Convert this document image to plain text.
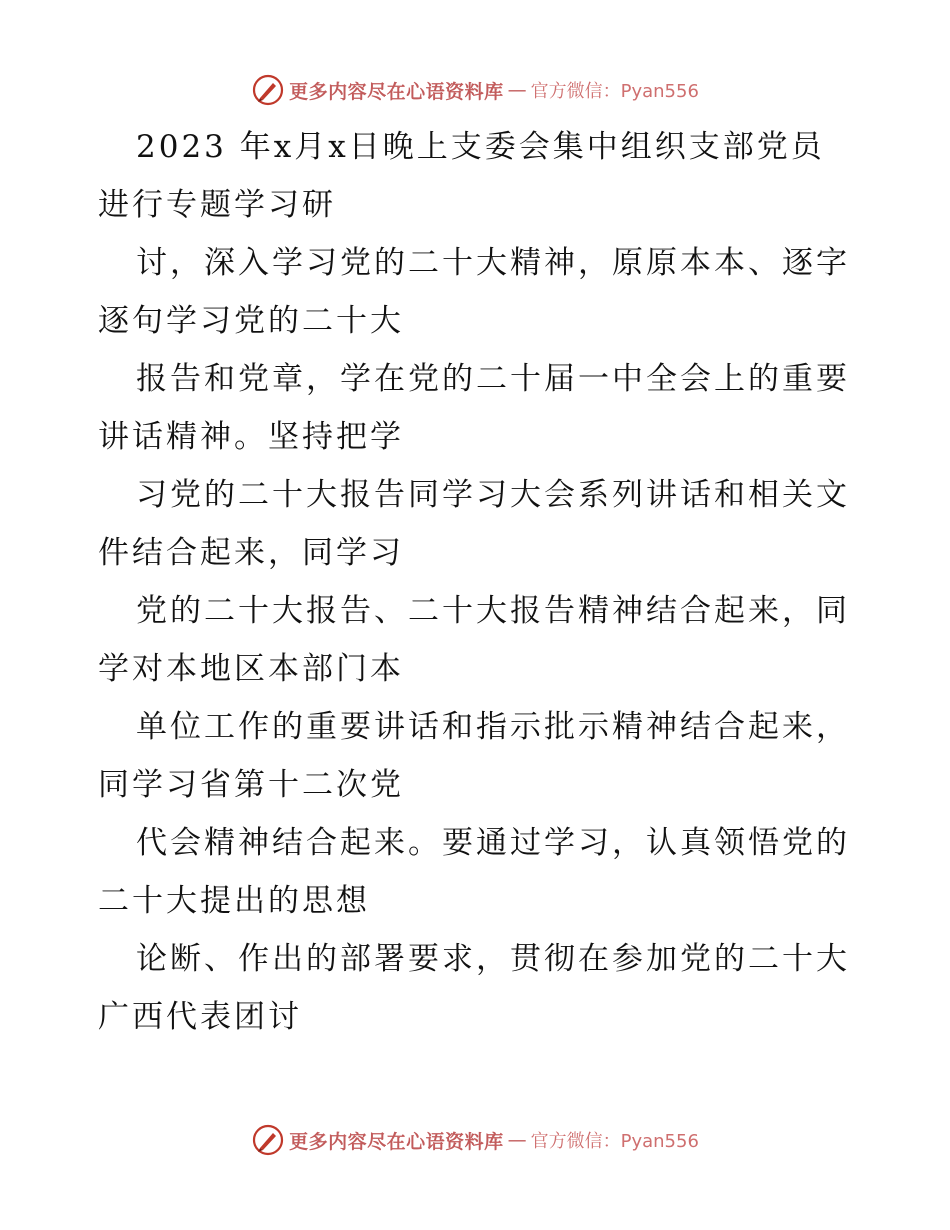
更多内容尽在心语资料库 — 官方微信：Pyan556
2023 年x月x日晚上支委会集中组织支部党员
进行专题学习研
讨，深入学习党的二十大精神，原原本本、逐字
逐句学习党的二十大
报告和党章，学在党的二十届一中全会上的重要
讲话精神。坚持把学
习党的二十大报告同学习大会系列讲话和相关文
件结合起来，同学习
党的二十大报告、二十大报告精神结合起来，同
学对本地区本部门本
单位工作的重要讲话和指示批示精神结合起来，
同学习省第十二次党
代会精神结合起来。要通过学习，认真领悟党的
二十大提出的思想
论断、作出的部署要求，贯彻在参加党的二十大
广西代表团讨
更多内容尽在心语资料库 — 官方微信：Pyan556
